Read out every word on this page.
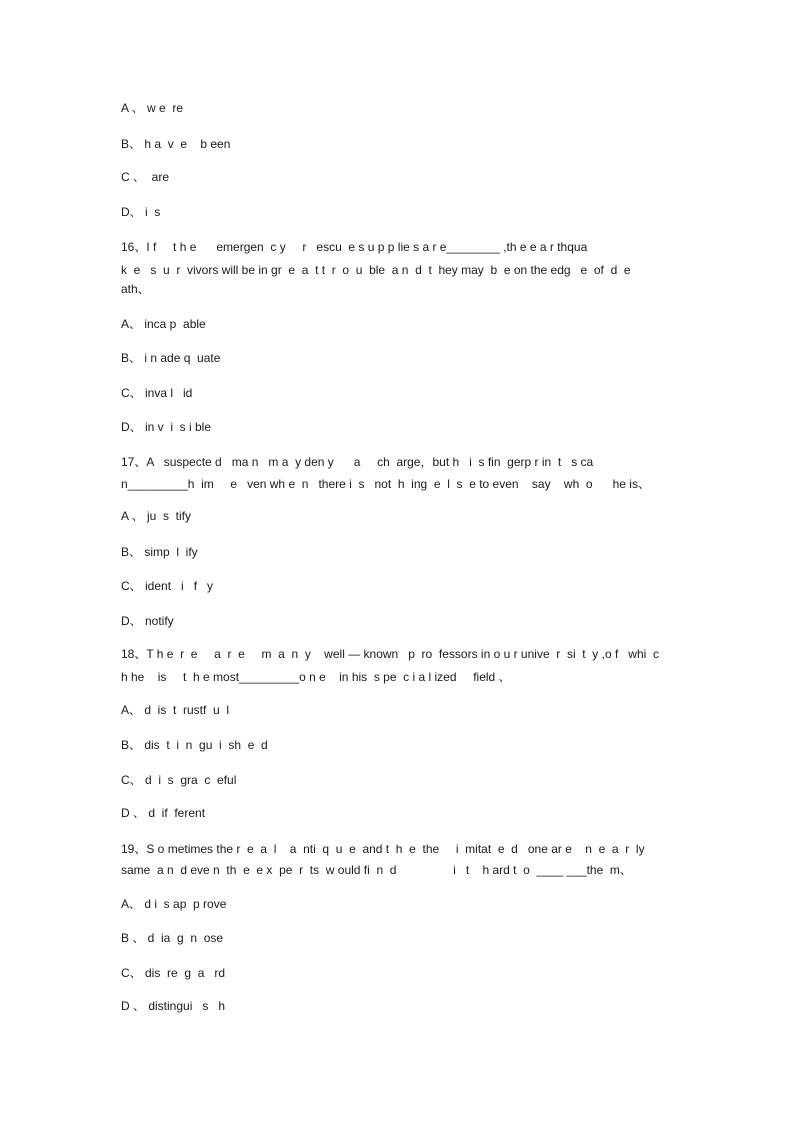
A 、 w e  re
B、 h a  v  e    b een
C 、  are
D、 i  s
16、I f     t h e      emergen  c y     r   escu  e s u p p lie s a r e________ ,th e e a r thqua
k  e   s  u  r  vivors will be in gr  e  a  t t  r  o  u  ble  a n  d  t  hey may  b  e on the edg   e  of  d  e
ath、
A、 inca p  able
B、 i n ade q  uate
C、 inva l   id
D、 in v  i  s i ble
17、A   suspecte d   ma n   m a  y den y      a     ch  arge，but h   i  s fin  gerp r in  t   s ca
n_________h  im     e   ven wh e  n   there i  s   not  h  ing  e  l  s  e to even    say    wh  o      he is、
A 、 ju  s  tify
B、 simp  l  ify
C、 ident   i   f   y
D、 notify
18、T h e  r  e     a  r  e     m  a  n  y    well — known   p  ro  fessors in o u r unive  r  si  t  y ,o f   whi  c
h he    is     t  h e most_________o n e    in his  s pe  c i a l ized     field 、
A、 d  is  t  rustf  u  l
B、 dis  t  i  n  gu  i  sh  e  d
C、 d  i  s  gra  c  eful
D 、 d  if  ferent
19、S o metimes the r  e  a  l    a  nti  q  u  e  and t  h  e  the     i  mitat  e  d   one ar e    n  e  a  r  ly
same  a n  d eve n  th  e  e x  pe  r  ts  w ould fi  n  d                 i   t    h ard t  o  ____ ___the  m、
A、 d i  s ap  p rove
B 、 d  ia  g  n  ose
C、 dis  re  g  a   rd
D 、 distingui   s   h
